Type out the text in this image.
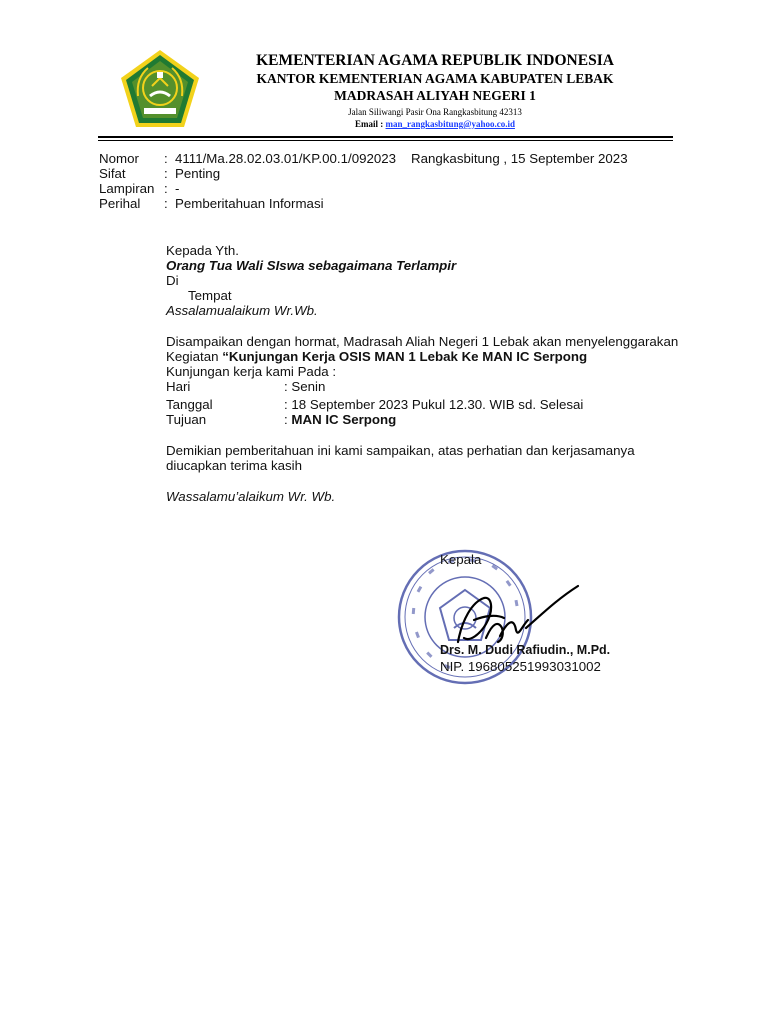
KEMENTERIAN AGAMA REPUBLIK INDONESIA
KANTOR KEMENTERIAN AGAMA KABUPATEN LEBAK
MADRASAH ALIYAH NEGERI 1
Jalan Siliwangi Pasir Ona Rangkasbitung 42313
Email : man_rangkasbitung@yahoo.co.id
Nomor : 4111/Ma.28.02.03.01/KP.00.1/092023 Rangkasbitung , 15 September 2023
Sifat	: Penting
Lampiran : -
Perihal : Pemberitahuan Informasi
Kepada Yth.
Orang Tua Wali SIswa sebagaimana Terlampir
Di
Tempat
Assalamualaikum Wr.Wb.
Disampaikan dengan hormat, Madrasah Aliah Negeri 1 Lebak akan menyelenggarakan
Kegiatan “Kunjungan Kerja OSIS MAN 1 Lebak Ke MAN IC Serpong
Kunjungan kerja kami Pada :
Hari	: Senin
Tanggal	: 18 September 2023 Pukul 12.30. WIB sd. Selesai
Tujuan	: MAN IC Serpong
Demikian pemberitahuan ini kami sampaikan, atas perhatian dan kerjasamanya
diucapkan terima kasih
Wassalamu’alaikum Wr. Wb.
Kepala
Drs. M. Dudi Rafiudin., M.Pd.
NIP. 196805251993031002
